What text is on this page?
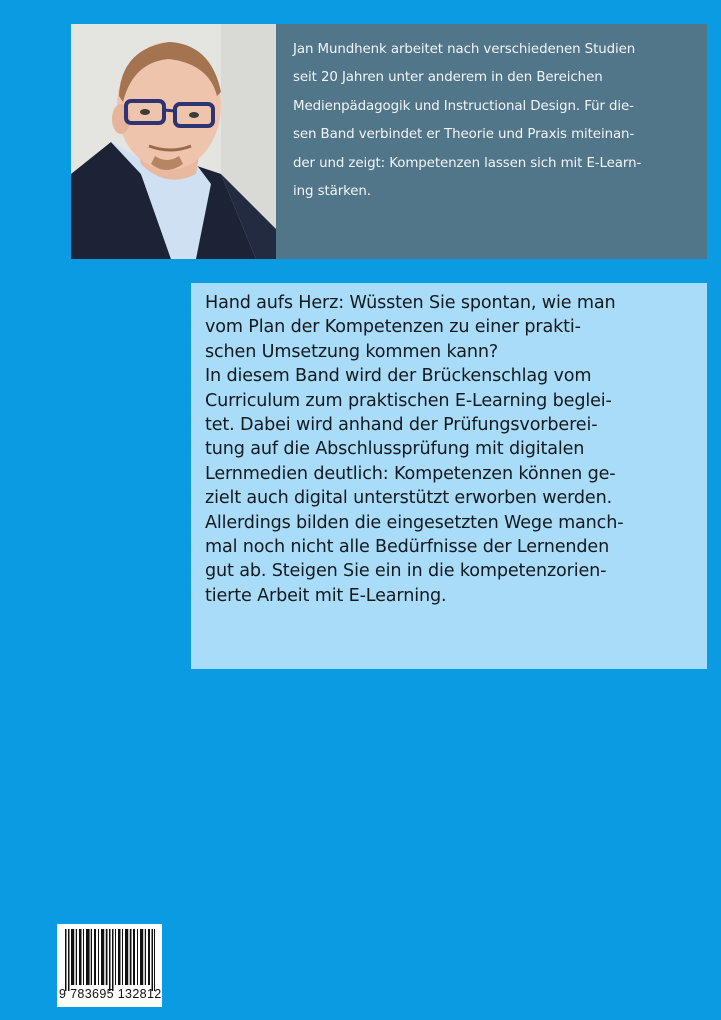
Jan Mundhenk arbeitet nach verschiedenen Studien
seit 20 Jahren unter anderem in den Bereichen
Medienpädagogik und Instructional Design. Für die-
sen Band verbindet er Theorie und Praxis miteinan-
der und zeigt: Kompetenzen lassen sich mit E-Learn-
ing stärken.

Hand aufs Herz: Wüssten Sie spontan, wie man
vom Plan der Kompetenzen zu einer prakti-
schen Umsetzung kommen kann?
In diesem Band wird der Brückenschlag vom
Curriculum zum praktischen E-Learning beglei-
tet. Dabei wird anhand der Prüfungsvorberei-
tung auf die Abschlussprüfung mit digitalen
Lernmedien deutlich: Kompetenzen können ge-
zielt auch digital unterstützt erworben werden.
Allerdings bilden die eingesetzten Wege manch-
mal noch nicht alle Bedürfnisse der Lernenden
gut ab. Steigen Sie ein in die kompetenzorien-
tierte Arbeit mit E-Learning.

9 783695 132812
